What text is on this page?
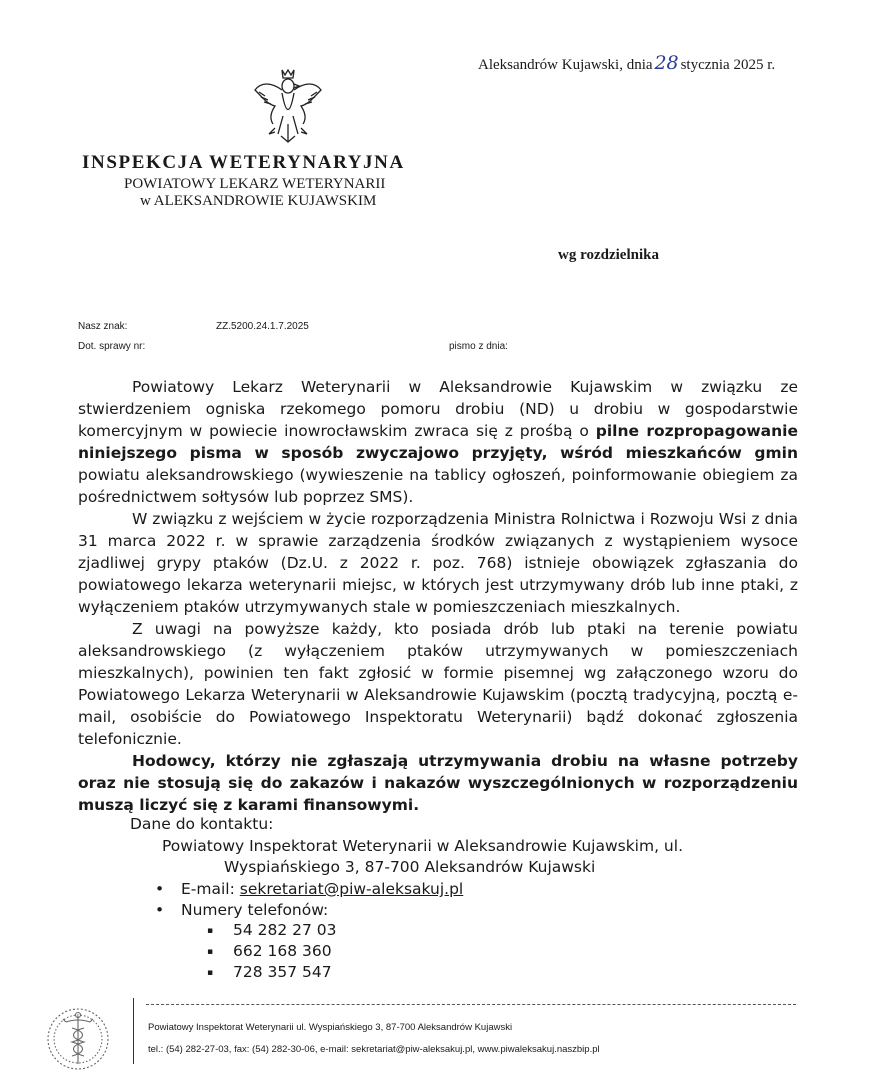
Aleksandrów Kujawski, dnia 28 stycznia 2025 r.
INSPEKCJA WETERYNARYJNA
POWIATOWY LEKARZ WETERYNARII
w ALEKSANDROWIE KUJAWSKIM
wg rozdzielnika
Nasz znak:	ZZ.5200.24.1.7.2025
Dot. sprawy nr:	pismo z dnia:

Powiatowy Lekarz Weterynarii w Aleksandrowie Kujawskim w związku ze stwierdzeniem ogniska rzekomego pomoru drobiu (ND) u drobiu w gospodarstwie komercyjnym w powiecie inowrocławskim zwraca się z prośbą o pilne rozpropagowanie niniejszego pisma w sposób zwyczajowo przyjęty, wśród mieszkańców gmin powiatu aleksandrowskiego (wywieszenie na tablicy ogłoszeń, poinformowanie obiegiem za pośrednictwem sołtysów lub poprzez SMS).

W związku z wejściem w życie rozporządzenia Ministra Rolnictwa i Rozwoju Wsi z dnia 31 marca 2022 r. w sprawie zarządzenia środków związanych z wystąpieniem wysoce zjadliwej grypy ptaków (Dz.U. z 2022 r. poz. 768) istnieje obowiązek zgłaszania do powiatowego lekarza weterynarii miejsc, w których jest utrzymywany drób lub inne ptaki, z wyłączeniem ptaków utrzymywanych stale w pomieszczeniach mieszkalnych.

Z uwagi na powyższe każdy, kto posiada drób lub ptaki na terenie powiatu aleksandrowskiego (z wyłączeniem ptaków utrzymywanych w pomieszczeniach mieszkalnych), powinien ten fakt zgłosić w formie pisemnej wg załączonego wzoru do Powiatowego Lekarza Weterynarii w Aleksandrowie Kujawskim (pocztą tradycyjną, pocztą e-mail, osobiście do Powiatowego Inspektoratu Weterynarii) bądź dokonać zgłoszenia telefonicznie.

Hodowcy, którzy nie zgłaszają utrzymywania drobiu na własne potrzeby oraz nie stosują się do zakazów i nakazów wyszczególnionych w rozporządzeniu muszą liczyć się z karami finansowymi.

Dane do kontaktu:
Powiatowy Inspektorat Weterynarii w Aleksandrowie Kujawskim, ul.
Wyspiańskiego 3, 87-700 Aleksandrów Kujawski
• E-mail: sekretariat@piw-aleksakuj.pl
• Numery telefonów:
▪ 54 282 27 03
▪ 662 168 360
▪ 728 357 547
Powiatowy Inspektorat Weterynarii ul. Wyspiańskiego 3, 87-700 Aleksandrów Kujawski
tel.: (54) 282-27-03, fax: (54) 282-30-06, e-mail: sekretariat@piw-aleksakuj.pl, www.piwaleksakuj.naszbip.pl
